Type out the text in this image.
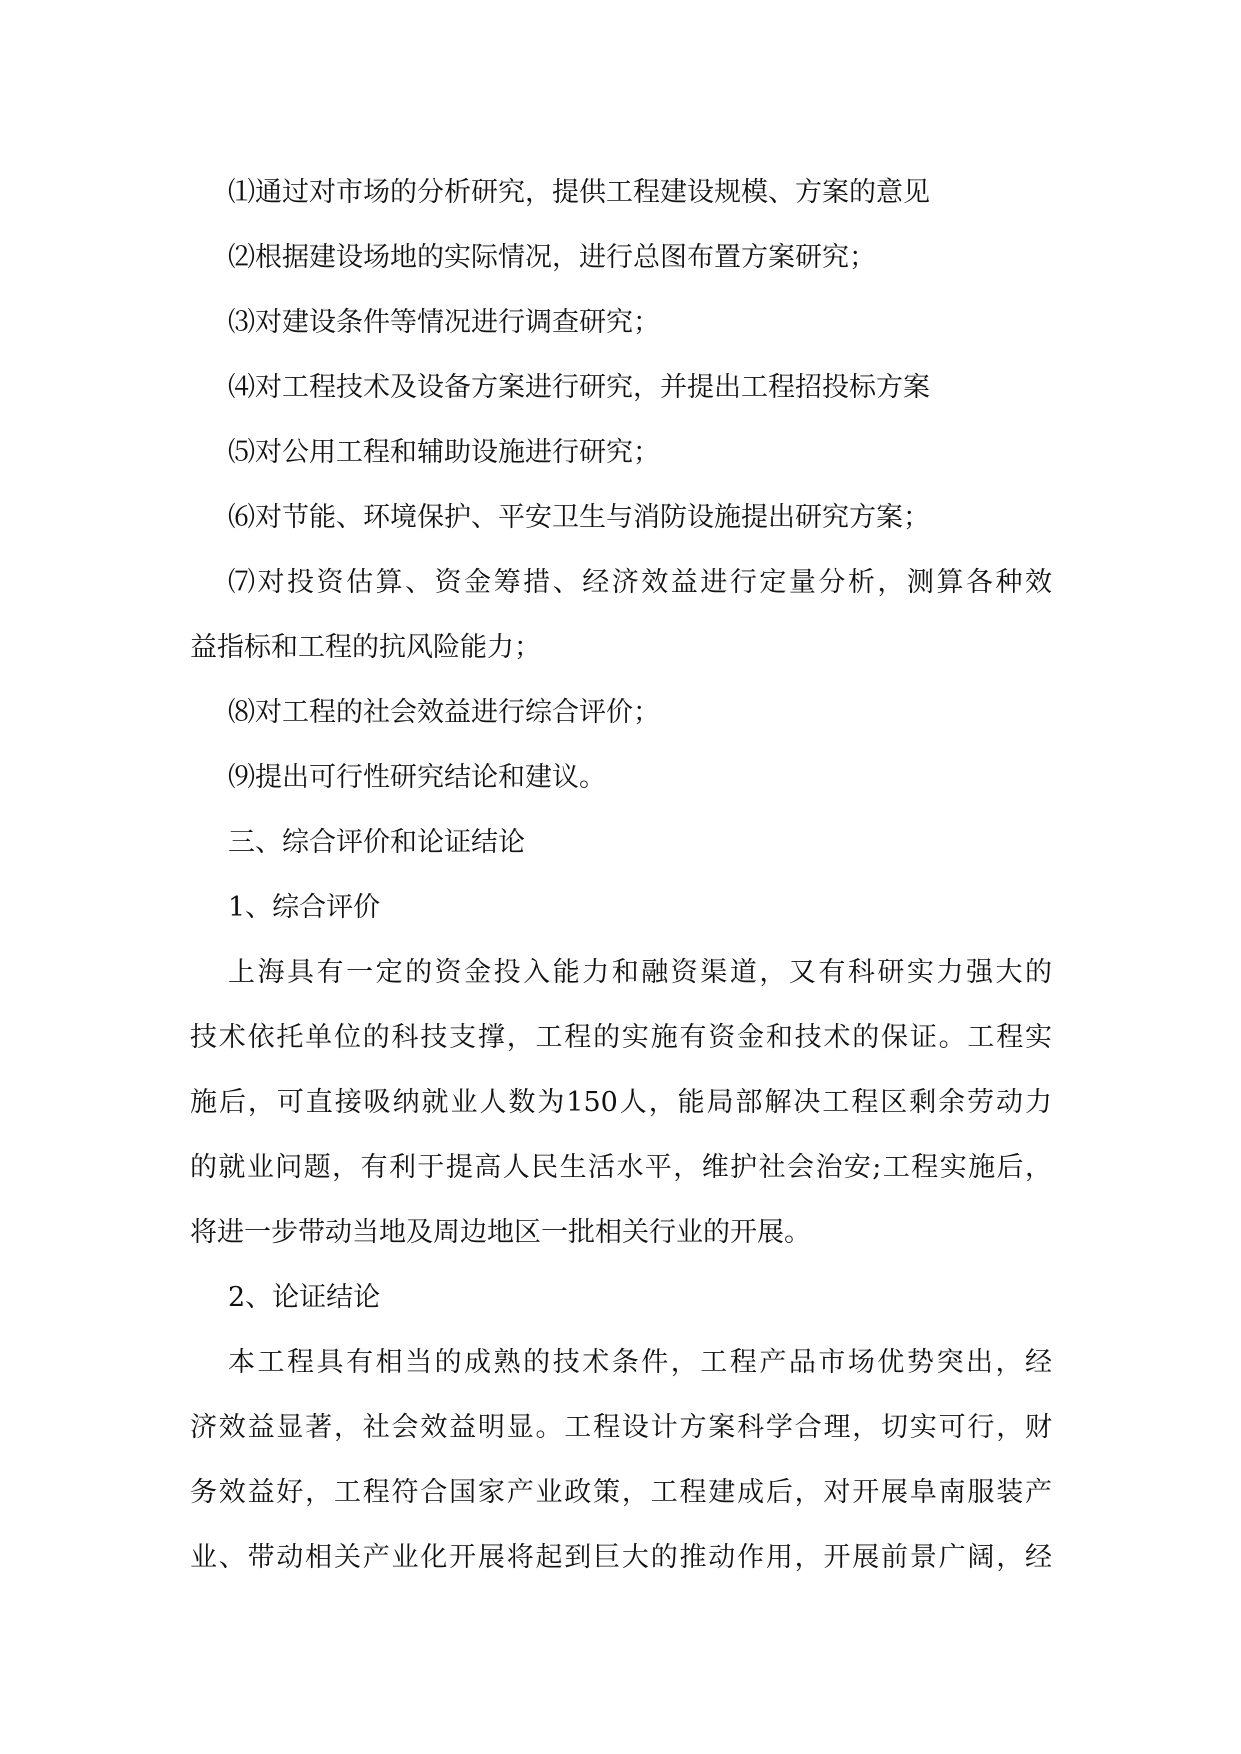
⑴通过对市场的分析研究，提供工程建设规模、方案的意见

⑵根据建设场地的实际情况，进行总图布置方案研究；

⑶对建设条件等情况进行调查研究；

⑷对工程技术及设备方案进行研究，并提出工程招投标方案

⑸对公用工程和辅助设施进行研究；

⑹对节能、环境保护、平安卫生与消防设施提出研究方案；

⑺对投资估算、资金筹措、经济效益进行定量分析，测算各种效

益指标和工程的抗风险能力；

⑻对工程的社会效益进行综合评价；

⑼提出可行性研究结论和建议。

三、综合评价和论证结论

1、综合评价

上海具有一定的资金投入能力和融资渠道，又有科研实力强大的

技术依托单位的科技支撑，工程的实施有资金和技术的保证。工程实

施后，可直接吸纳就业人数为150人，能局部解决工程区剩余劳动力

的就业问题，有利于提高人民生活水平，维护社会治安;工程实施后，

将进一步带动当地及周边地区一批相关行业的开展。

2、论证结论

本工程具有相当的成熟的技术条件，工程产品市场优势突出，经

济效益显著，社会效益明显。工程设计方案科学合理，切实可行，财

务效益好，工程符合国家产业政策，工程建成后，对开展阜南服装产

业、带动相关产业化开展将起到巨大的推动作用，开展前景广阔，经
